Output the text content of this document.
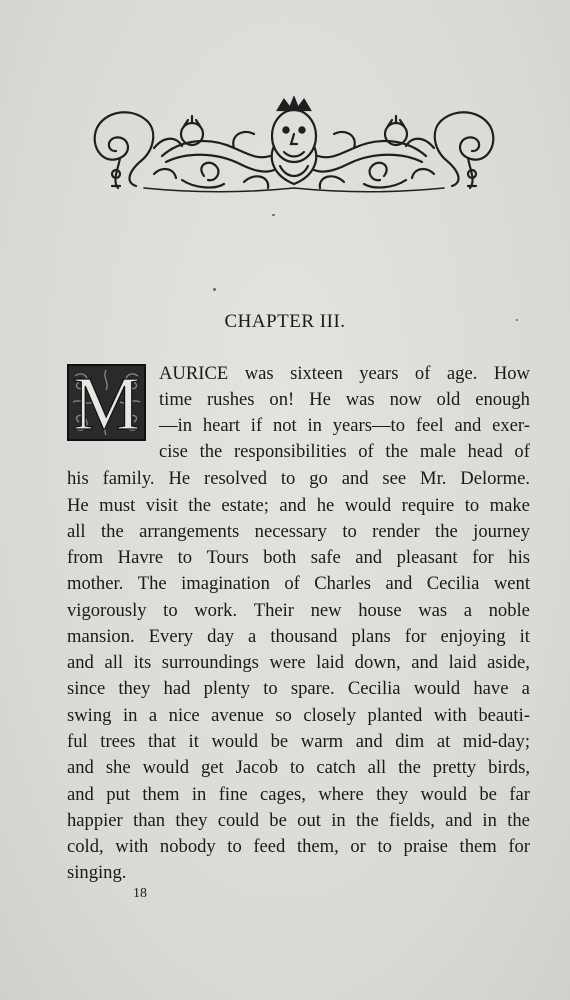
CHAPTER III.
M AURICE was sixteen years of age. How
time rushes on! He was now old enough
—in heart if not in years—to feel and exer-
cise the responsibilities of the male head of
his family. He resolved to go and see Mr. Delorme.
He must visit the estate; and he would require to make
all the arrangements necessary to render the journey
from Havre to Tours both safe and pleasant for his
mother. The imagination of Charles and Cecilia went
vigorously to work. Their new house was a noble
mansion. Every day a thousand plans for enjoying it
and all its surroundings were laid down, and laid aside,
since they had plenty to spare. Cecilia would have a
swing in a nice avenue so closely planted with beauti-
ful trees that it would be warm and dim at mid-day;
and she would get Jacob to catch all the pretty birds,
and put them in fine cages, where they would be far
happier than they could be out in the fields, and in the
cold, with nobody to feed them, or to praise them for
singing.
18
